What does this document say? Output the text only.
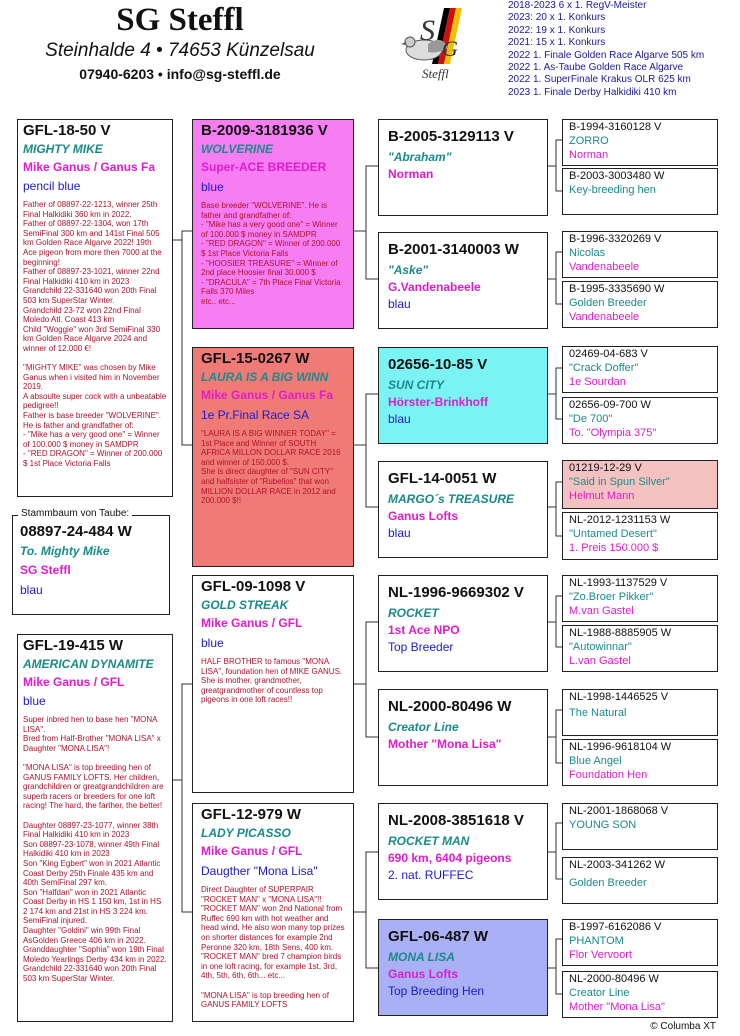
SG Steffl
Steinhalde 4 • 74653 Künzelsau
07940-6203 • info@sg-steffl.de
S
G
Steffl
2018-2023 6 x 1. RegV-Meister
2023: 20 x 1. Konkurs
2022: 19 x 1. Konkurs
2021: 15 x 1. Konkurs
2022 1. Finale Golden Race Algarve 505 km
2022 1. As-Taube Golden Race Algarve
2022 1. SuperFinale Krakus OLR 625 km
2023 1. Finale Derby Halkidiki 410 km
GFL-18-50 V
MIGHTY MIKE
Mike Ganus / Ganus Fa
pencil blue
Father of 08897-22-1213, winner 25th Final Halkidiki 360 km in 2022.
Father of 08897-22-1304, won 17th SemiFinal 300 km and 141st Final 505 km Golden Race Algarve 2022! 19th Ace pigeon from more then 7000 at the beginning!
Father of 08897-23-1021, winner 22nd Final Halkidiki 410 km in 2023
Grandchild 22-331640 won 20th Final 503 km SuperStar Winter.
Grandchild 23-72 won 22nd Final Moledo Atl. Coast 413 km
Child "Woggie" won 3rd SemiFinal 330 km Golden Race Algarve 2024 and winner of 12.000 €!

"MIGHTY MIKE" was chosen by Mike Ganus when i visited him in November 2019.
A absoulte super cock with a unbeatable pedigree!!
Father is base breeder "WOLVERINE". He is father and grandfather of:
- "Mike has a very good one" = Winner of 100.000 $ money in SAMDPR
- "RED DRAGON" = Winner of 200.000 $ 1st Place Victoria Falls
Stammbaum von Taube:
08897-24-484 W
To. Mighty Mike
SG Steffl
blau
GFL-19-415 W
AMERICAN DYNAMITE
Mike Ganus / GFL
blue
Super inbred hen to base hen "MONA LISA".
Bred from Half-Brother "MONA LISA" x Daughter "MONA LISA"!

"MONA LISA" is top breeding hen of GANUS FAMILY LOFTS. Her children, grandchildren or greatgrandchildren are superb racers or breeders for one loft racing! The hard, the farther, the better!

Daughter 08897-23-1077, winner 38th Final Halkidiki 410 km in 2023
Son 08897-23-1078, winner 49th Final Halkidiki 410 km in 2023
Son "King Egbert" won in 2021 Atlantic Coast Derby 25th Finale 435 km and 40th SemiFinal 297 km.
Son "Halfdan" won in 2021 Atlantic Coast Derby in HS 1 150 km, 1st in HS 2 174 km and 21st in HS 3 224 km. SemiFinal injured.
Daughter "Goldini" win 99th Final AsGolden Greece 406 km in 2022.
Granddaughter "Sophia" won 19th Final Moledo Yearlings Derby 434 km in 2022.
Grandchild 22-331640 won 20th Final 503 km SuperStar Winter.
B-2009-3181936 V
WOLVERINE
Super-ACE BREEDER
blue
Base breeder "WOLVERINE". He is father and grandfather of:
- "Mike has a very good one" = Winner of 100.000 $ money in SAMDPR
- "RED DRAGON" = Winner of 200.000 $ 1st Place Victoria Falls
- "HOOSIER TREASURE" = Winner of 2nd place Hoosier final 30.000 $
- "DRACULA" = 7th Place Final Victoria Falls 370 Miles
etc.. etc...
GFL-15-0267 W
LAURA IS A BIG WINN
Mike Ganus / Ganus Fa
1e Pr.Final Race SA
"LAURA IS A BIG WINNER TODAY" = 1st Place and Winner of SOUTH AFRICA MILLON DOLLAR RACE 2016 and winner of 150.000 $.
She is direct daughter of "SUN CITY" and halfsister of "Rubellos" that won MILLION DOLLAR RACE in 2012 and 200.000 $!!
GFL-09-1098 V
GOLD STREAK
Mike Ganus / GFL
blue
HALF BROTHER to famous "MONA LISA", foundation hen of MIKE GANUS.
She is mother, grandmother, greatgrandmother of countless top pigeons in one loft races!!
GFL-12-979 W
LADY PICASSO
Mike Ganus / GFL
Daugther "Mona Lisa"
Direct Daughter of SUPERPAIR "ROCKET MAN" x "MONA LISA"!!
"ROCKET MAN" won 2nd National from Ruffec 690 km with hot weather and head wind. He also won many top prizes on shorter distances for example 2nd Peronne 320 km, 18th Sens, 400 km.
"ROCKET MAN" bred 7 champion birds in one loft racing, for example 1st, 3rd, 4th, 5th, 6th, 6th... etc...

"MONA LISA" is top breeding hen of GANUS FAMILY LOFTS
B-2005-3129113 V
"Abraham"
Norman
B-2001-3140003 W
"Aske"
G.Vandenabeele
blau
02656-10-85 V
SUN CITY
Hörster-Brinkhoff
blau
GFL-14-0051 W
MARGO´s TREASURE
Ganus Lofts
blau
NL-1996-9669302 V
ROCKET
1st Ace NPO
Top Breeder
NL-2000-80496 W
Creator Line
Mother "Mona Lisa"
NL-2008-3851618 V
ROCKET MAN
690 km, 6404 pigeons
2. nat. RUFFEC
GFL-06-487 W
MONA LISA
Ganus Lofts
Top Breeding Hen
B-1994-3160128 V
ZORRO
Norman
B-2003-3003480 W
Key-breeding hen
B-1996-3320269 V
Nicolas
Vandenabeele
B-1995-3335690 W
Golden Breeder
Vandenabeele
02469-04-683 V
"Crack Doffer"
1e Sourdan
02656-09-700 W
"De 700"
To. "Olympia 375"
01219-12-29 V
"Said in Spun Silver"
Helmut Mann
NL-2012-1231153 W
"Untamed Desert"
1. Preis 150.000 $
NL-1993-1137529 V
"Zo.Broer Pikker"
M.van Gastel
NL-1988-8885905 W
"Autowinnar"
L.van Gastel
NL-1998-1446525 V
The Natural
NL-1996-9618104 W
Blue Angel
Foundation Hen
NL-2001-1868068 V
YOUNG SON
NL-2003-341262 W
Golden Breeder
B-1997-6162086 V
PHANTOM
Flor Vervoort
NL-2000-80496 W
Creator Line
Mother "Mona Lisa"
© Columba XT
